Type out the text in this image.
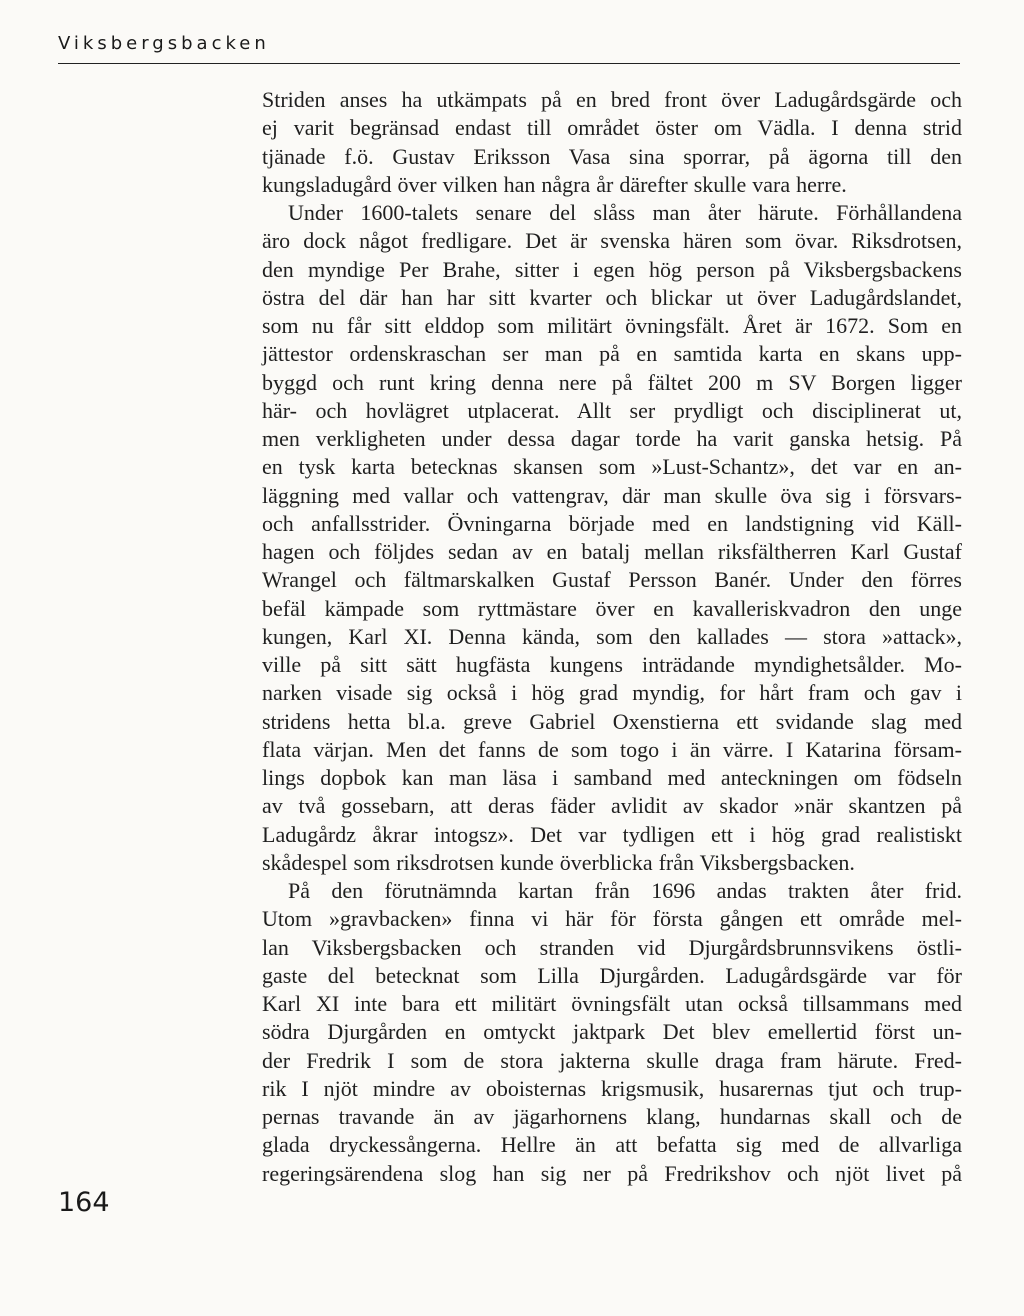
Viksbergsbacken
Striden anses ha utkämpats på en bred front över Ladugårdsgärde och
ej varit begränsad endast till området öster om Vädla. I denna strid
tjänade f.ö. Gustav Eriksson Vasa sina sporrar, på ägorna till den
kungsladugård över vilken han några år därefter skulle vara herre.
Under 1600-talets senare del slåss man åter härute. Förhållandena
äro dock något fredligare. Det är svenska hären som övar. Riksdrotsen,
den myndige Per Brahe, sitter i egen hög person på Viksbergsbackens
östra del där han har sitt kvarter och blickar ut över Ladugårdslandet,
som nu får sitt elddop som militärt övningsfält. Året är 1672. Som en
jättestor ordenskraschan ser man på en samtida karta en skans upp-
byggd och runt kring denna nere på fältet 200 m SV Borgen ligger
här- och hovlägret utplacerat. Allt ser prydligt och disciplinerat ut,
men verkligheten under dessa dagar torde ha varit ganska hetsig. På
en tysk karta betecknas skansen som »Lust-Schantz», det var en an-
läggning med vallar och vattengrav, där man skulle öva sig i försvars-
och anfallsstrider. Övningarna började med en landstigning vid Käll-
hagen och följdes sedan av en batalj mellan riksfältherren Karl Gustaf
Wrangel och fältmarskalken Gustaf Persson Banér. Under den förres
befäl kämpade som ryttmästare över en kavalleriskvadron den unge
kungen, Karl XI. Denna kända, som den kallades — stora »attack»,
ville på sitt sätt hugfästa kungens inträdande myndighetsålder. Mo-
narken visade sig också i hög grad myndig, for hårt fram och gav i
stridens hetta bl.a. greve Gabriel Oxenstierna ett svidande slag med
flata värjan. Men det fanns de som togo i än värre. I Katarina försam-
lings dopbok kan man läsa i samband med anteckningen om födseln
av två gossebarn, att deras fäder avlidit av skador »när skantzen på
Ladugårdz åkrar intogsz». Det var tydligen ett i hög grad realistiskt
skådespel som riksdrotsen kunde överblicka från Viksbergsbacken.
På den förutnämnda kartan från 1696 andas trakten åter frid.
Utom »gravbacken» finna vi här för första gången ett område mel-
lan Viksbergsbacken och stranden vid Djurgårdsbrunnsvikens östli-
gaste del betecknat som Lilla Djurgården. Ladugårdsgärde var för
Karl XI inte bara ett militärt övningsfält utan också tillsammans med
södra Djurgården en omtyckt jaktpark Det blev emellertid först un-
der Fredrik I som de stora jakterna skulle draga fram härute. Fred-
rik I njöt mindre av oboisternas krigsmusik, husarernas tjut och trup-
pernas travande än av jägarhornens klang, hundarnas skall och de
glada dryckessångerna. Hellre än att befatta sig med de allvarliga
regeringsärendena slog han sig ner på Fredrikshov och njöt livet på
164
